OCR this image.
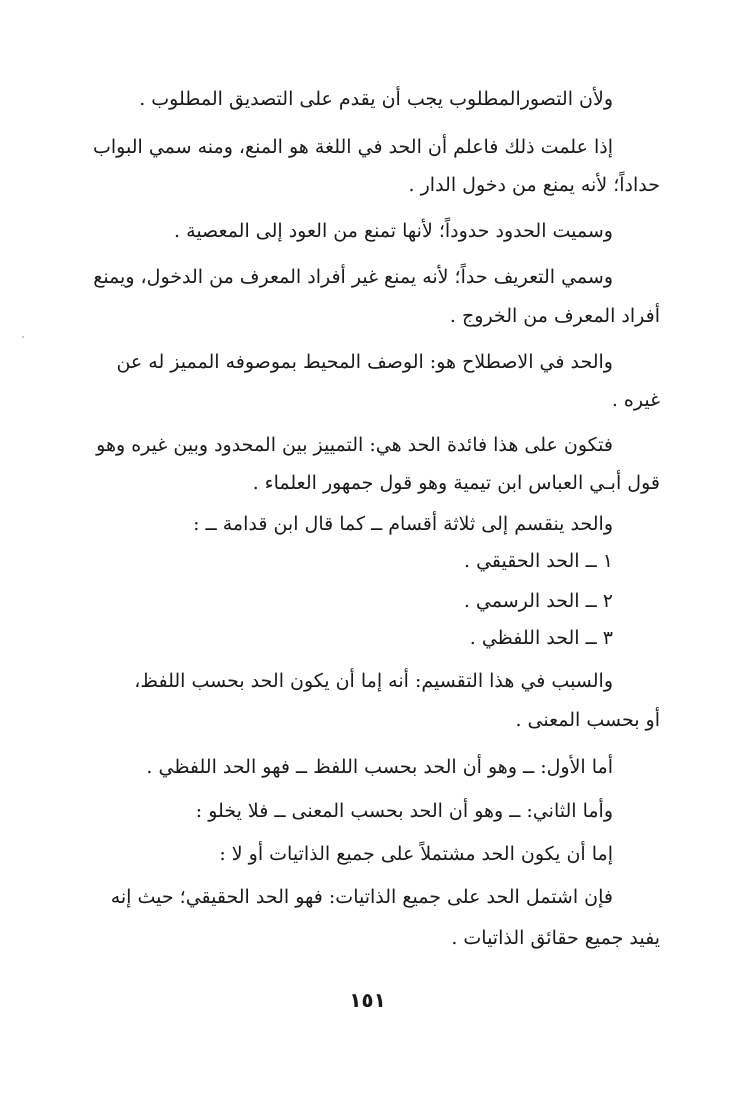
ولأن التصورالمطلوب يجب أن يقدم على التصديق المطلوب .
إذا علمت ذلك فاعلم أن الحد في اللغة هو المنع، ومنه سمي البواب
حداداً؛ لأنه يمنع من دخول الدار .
وسميت الحدود حدوداً؛ لأنها تمنع من العود إلى المعصية .
وسمي التعريف حداً؛ لأنه يمنع غير أفراد المعرف من الدخول، ويمنع
أفراد المعرف من الخروج .
والحد في الاصطلاح هو: الوصف المحيط بموصوفه المميز له عن
غيره .
فتكون على هذا فائدة الحد هي: التمييز بين المحدود وبين غيره وهو
قول أبـي العباس ابن تيمية وهو قول جمهور العلماء .
والحد ينقسم إلى ثلاثة أقسام ــ كما قال ابن قدامة ــ :
١ ــ الحد الحقيقي .
٢ ــ الحد الرسمي .
٣ ــ الحد اللفظي .
والسبب في هذا التقسيم: أنه إما أن يكون الحد بحسب اللفظ،
أو بحسب المعنى .
أما الأول: ــ وهو أن الحد بحسب اللفظ ــ فهو الحد اللفظي .
وأما الثاني: ــ وهو أن الحد بحسب المعنى ــ فلا يخلو :
إما أن يكون الحد مشتملاً على جميع الذاتيات أو لا :
فإن اشتمل الحد على جميع الذاتيات: فهو الحد الحقيقي؛ حيث إنه
يفيد جميع حقائق الذاتيات .
١٥١
